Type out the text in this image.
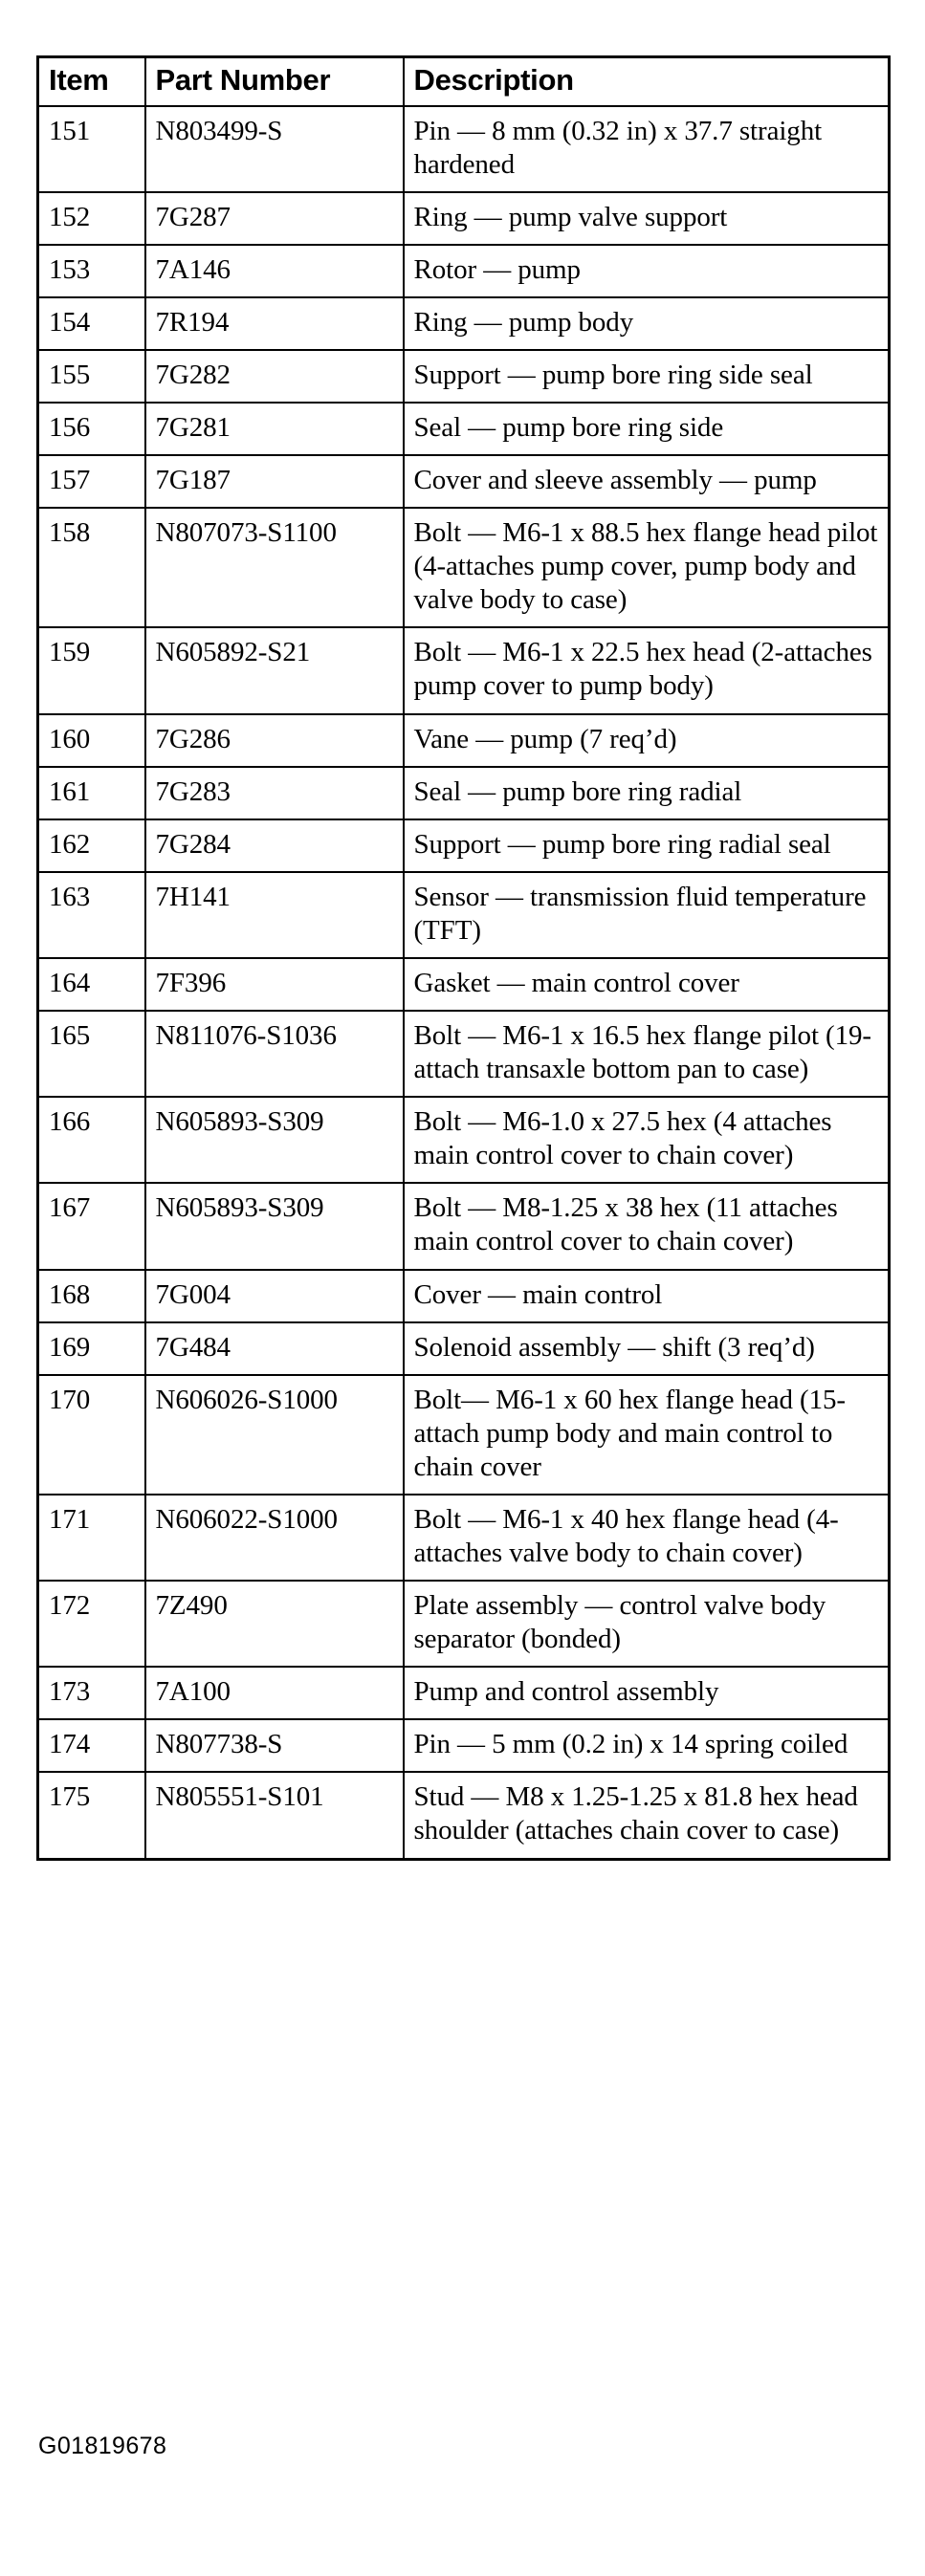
Item	Part Number	Description
151	N803499-S	Pin — 8 mm (0.32 in) x 37.7 straight hardened
152	7G287	Ring — pump valve support
153	7A146	Rotor — pump
154	7R194	Ring — pump body
155	7G282	Support — pump bore ring side seal
156	7G281	Seal — pump bore ring side
157	7G187	Cover and sleeve assembly — pump
158	N807073-S1100	Bolt — M6-1 x 88.5 hex flange head pilot (4-attaches pump cover, pump body and valve body to case)
159	N605892-S21	Bolt — M6-1 x 22.5 hex head (2-attaches pump cover to pump body)
160	7G286	Vane — pump (7 req’d)
161	7G283	Seal — pump bore ring radial
162	7G284	Support — pump bore ring radial seal
163	7H141	Sensor — transmission fluid temperature (TFT)
164	7F396	Gasket — main control cover
165	N811076-S1036	Bolt — M6-1 x 16.5 hex flange pilot (19-attach transaxle bottom pan to case)
166	N605893-S309	Bolt — M6-1.0 x 27.5 hex (4 attaches main control cover to chain cover)
167	N605893-S309	Bolt — M8-1.25 x 38 hex (11 attaches main control cover to chain cover)
168	7G004	Cover — main control
169	7G484	Solenoid assembly — shift (3 req’d)
170	N606026-S1000	Bolt— M6-1 x 60 hex flange head (15-attach pump body and main control to chain cover
171	N606022-S1000	Bolt — M6-1 x 40 hex flange head (4-attaches valve body to chain cover)
172	7Z490	Plate assembly — control valve body separator (bonded)
173	7A100	Pump and control assembly
174	N807738-S	Pin — 5 mm (0.2 in) x 14 spring coiled
175	N805551-S101	Stud — M8 x 1.25-1.25 x 81.8 hex head shoulder (attaches chain cover to case)
G01819678
